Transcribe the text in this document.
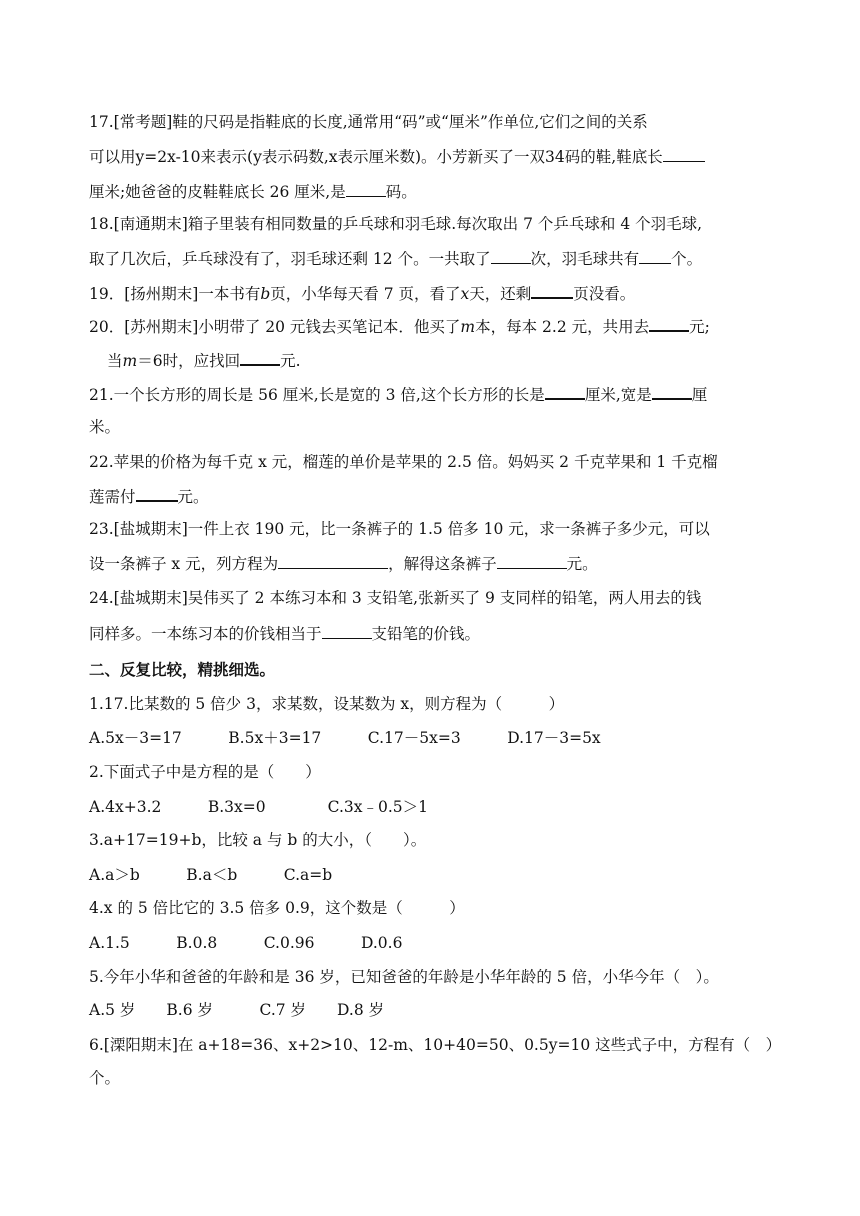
17.[常考题]鞋的尺码是指鞋底的长度,通常用“码”或“厘米”作单位,它们之间的关系
可以用y=2x-10来表示(y表示码数,x表示厘米数)。小芳新买了一双34码的鞋,鞋底长
厘米;她爸爸的皮鞋鞋底长 26 厘米,是	码。
18.[南通期末]箱子里装有相同数量的乒乓球和羽毛球.每次取出 7 个乒乓球和 4 个羽毛球,
取了几次后，乒乓球没有了，羽毛球还剩 12 个。一共取了	次，羽毛球共有 个。
19．[扬州期末]一本书有b页，小华每天看 7 页，看了x天，还剩	页没看。
20．[苏州期末]小明带了 20 元钱去买笔记本．他买了m本，每本 2.2 元，共用去	元;
当m＝6时，应找回	元.
21.一个长方形的周长是 56 厘米,长是宽的 3 倍,这个长方形的长是	厘米,宽是	厘
米。
22.苹果的价格为每千克 x 元，榴莲的单价是苹果的 2.5 倍。妈妈买 2 千克苹果和 1 千克榴
莲需付	元。
23.[盐城期末]一件上衣 190 元，比一条裤子的 1.5 倍多 10 元，求一条裤子多少元，可以
设一条裤子 x 元，列方程为	，解得这条裤子	元。
24.[盐城期末]吴伟买了 2 本练习本和 3 支铅笔,张新买了 9 支同样的铅笔，两人用去的钱
同样多。一本练习本的价钱相当于	支铅笔的价钱。
二、反复比较，精挑细选。
1.17.比某数的 5 倍少 3，求某数，设某数为 x，则方程为（　　　）
A.5x－3=17　　　B.5x＋3=17　　　C.17－5x=3　　　D.17－3=5x
2.下面式子中是方程的是（　　）
A.4x+3.2　　　B.3x=0　　　　C.3x﹣0.5＞1
3.a+17=19+b，比较 a 与 b 的大小，（　　）。
A.a＞b　　　B.a＜b　　　C.a=b
4.x 的 5 倍比它的 3.5 倍多 0.9，这个数是（　　　）
A.1.5　　　B.0.8　　　C.0.96　　　D.0.6
5.今年小华和爸爸的年龄和是 36 岁，已知爸爸的年龄是小华年龄的 5 倍，小华今年（　）。
A.5 岁　　B.6 岁　　　C.7 岁　　D.8 岁
6.[溧阳期末]在 a+18=36、x+2>10、12-m、10+40=50、0.5y=10 这些式子中，方程有（　）
个。
